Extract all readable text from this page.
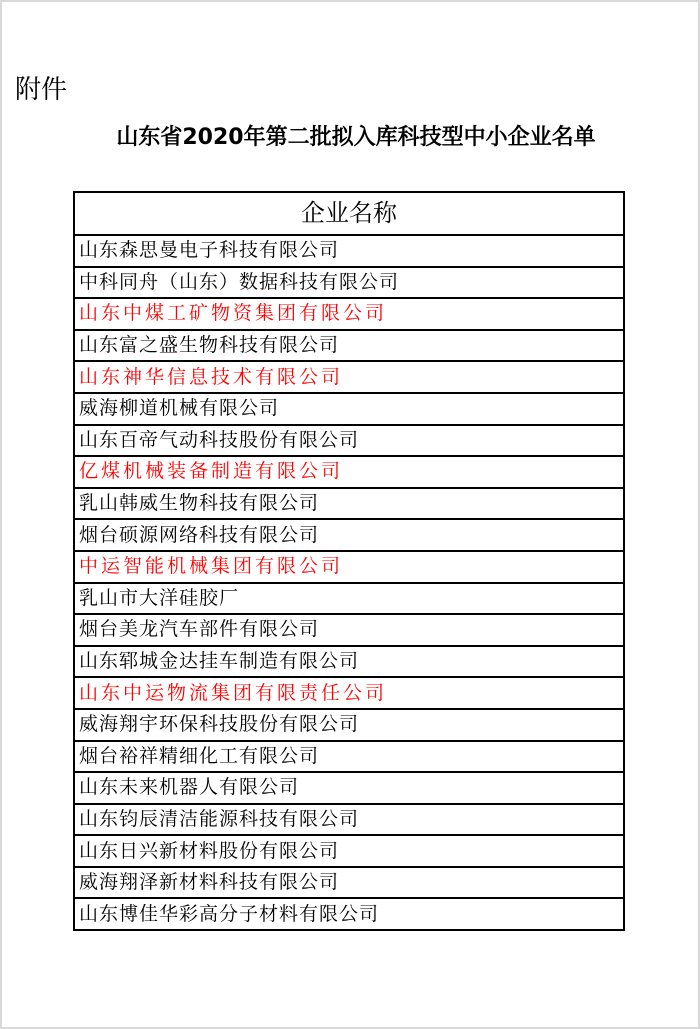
附件
山东省2020年第二批拟入库科技型中小企业名单
企业名称
山东森思曼电子科技有限公司
中科同舟（山东）数据科技有限公司
山东中煤工矿物资集团有限公司
山东富之盛生物科技有限公司
山东神华信息技术有限公司
威海柳道机械有限公司
山东百帝气动科技股份有限公司
亿煤机械装备制造有限公司
乳山韩威生物科技有限公司
烟台硕源网络科技有限公司
中运智能机械集团有限公司
乳山市大洋硅胶厂
烟台美龙汽车部件有限公司
山东郓城金达挂车制造有限公司
山东中运物流集团有限责任公司
威海翔宇环保科技股份有限公司
烟台裕祥精细化工有限公司
山东未来机器人有限公司
山东钧辰清洁能源科技有限公司
山东日兴新材料股份有限公司
威海翔泽新材料科技有限公司
山东博佳华彩高分子材料有限公司
